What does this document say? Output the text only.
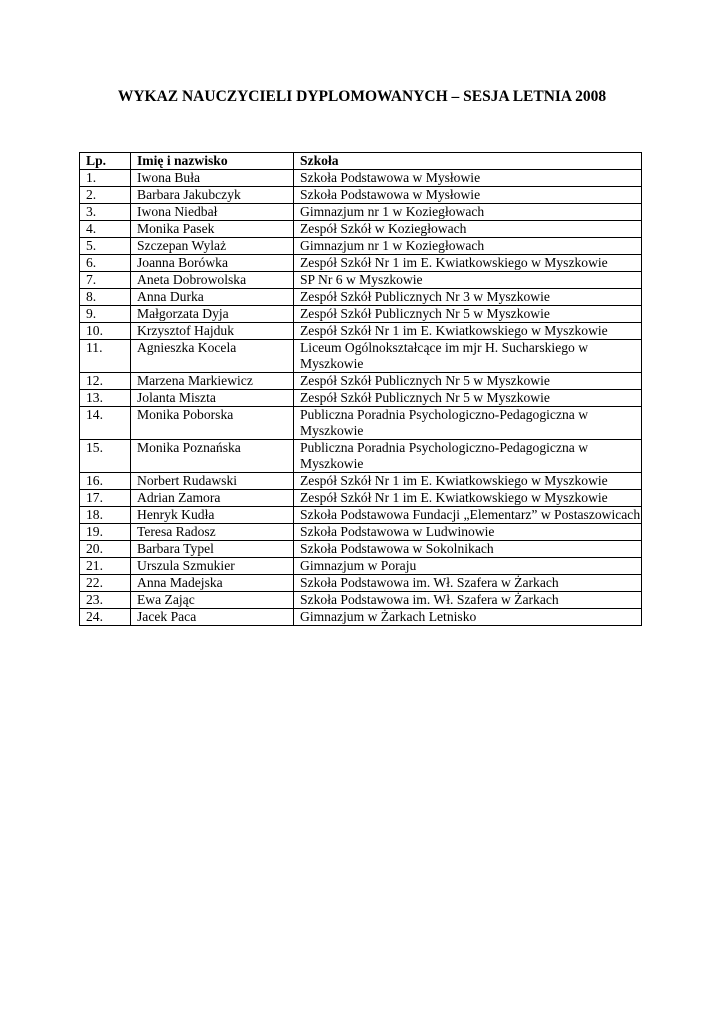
WYKAZ NAUCZYCIELI DYPLOMOWANYCH – SESJA LETNIA 2008
Lp.	Imię i nazwisko	Szkoła
1.	Iwona Buła	Szkoła Podstawowa w Mysłowie
2.	Barbara Jakubczyk	Szkoła Podstawowa w Mysłowie
3.	Iwona Niedbał	Gimnazjum nr 1 w Koziegłowach
4.	Monika Pasek	Zespół Szkół w Koziegłowach
5.	Szczepan Wylaż	Gimnazjum nr 1 w Koziegłowach
6.	Joanna Borówka	Zespół Szkół Nr 1 im E. Kwiatkowskiego w Myszkowie
7.	Aneta Dobrowolska	SP Nr 6 w Myszkowie
8.	Anna Durka	Zespół Szkół Publicznych Nr 3 w Myszkowie
9.	Małgorzata Dyja	Zespół Szkół Publicznych Nr 5 w Myszkowie
10.	Krzysztof Hajduk	Zespół Szkół Nr 1 im E. Kwiatkowskiego w Myszkowie
11.	Agnieszka Kocela	Liceum Ogólnokształcące im mjr H. Sucharskiego w Myszkowie
12.	Marzena Markiewicz	Zespół Szkół Publicznych Nr 5 w Myszkowie
13.	Jolanta Miszta	Zespół Szkół Publicznych Nr 5 w Myszkowie
14.	Monika Poborska	Publiczna Poradnia Psychologiczno-Pedagogiczna w Myszkowie
15.	Monika Poznańska	Publiczna Poradnia Psychologiczno-Pedagogiczna w Myszkowie
16.	Norbert Rudawski	Zespół Szkół Nr 1 im E. Kwiatkowskiego w Myszkowie
17.	Adrian Zamora	Zespół Szkół Nr 1 im E. Kwiatkowskiego w Myszkowie
18.	Henryk Kudła	Szkoła Podstawowa Fundacji „Elementarz” w Postaszowicach
19.	Teresa Radosz	Szkoła Podstawowa w Ludwinowie
20.	Barbara Typel	Szkoła Podstawowa w Sokolnikach
21.	Urszula Szmukier	Gimnazjum w Poraju
22.	Anna Madejska	Szkoła Podstawowa im. Wł. Szafera w Żarkach
23.	Ewa Zając	Szkoła Podstawowa im. Wł. Szafera w Żarkach
24.	Jacek Paca	Gimnazjum w Żarkach Letnisko
